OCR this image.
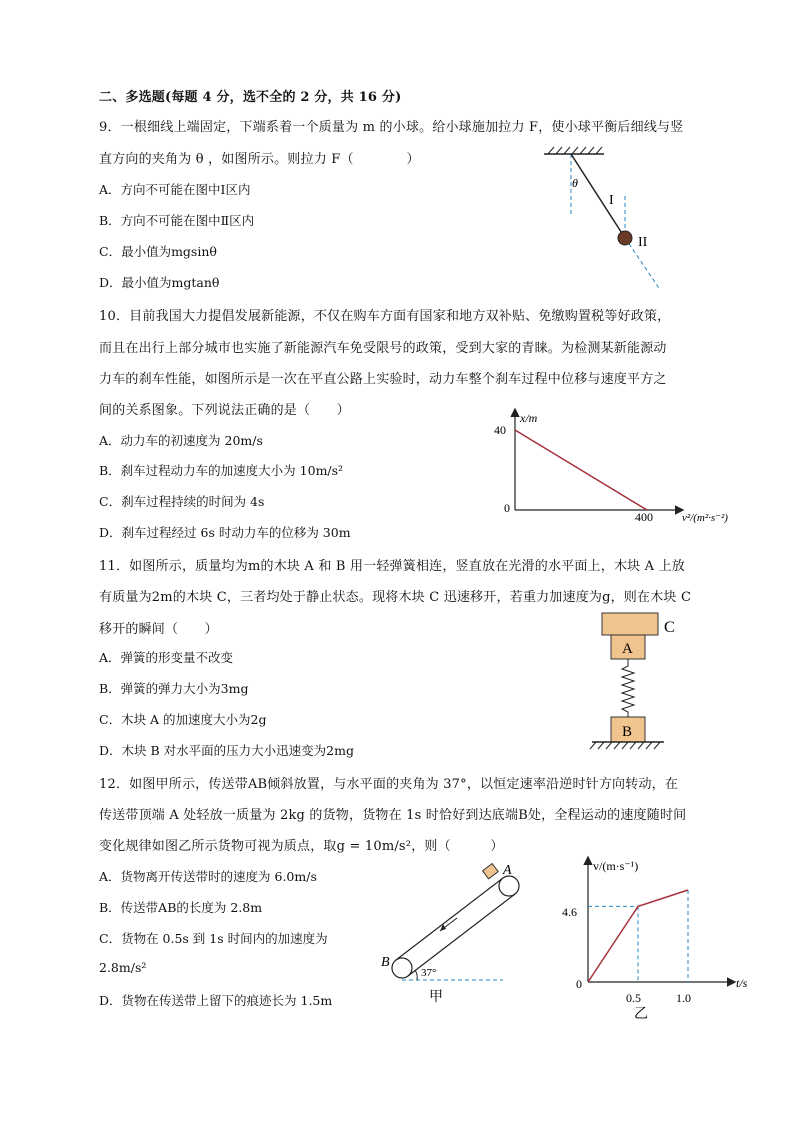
二、多选题(每题 4 分，选不全的 2 分，共 16 分)
9．一根细线上端固定，下端系着一个质量为 m 的小球。给小球施加拉力 F，使小球平衡后细线与竖
直方向的夹角为 θ ，如图所示。则拉力 F（　　　　）
A．方向不可能在图中Ⅰ区内
B．方向不可能在图中Ⅱ区内
C．最小值为mgsinθ
D．最小值为mgtanθ
θ
I
II
10．目前我国大力提倡发展新能源，不仅在购车方面有国家和地方双补贴、免缴购置税等好政策，
而且在出行上部分城市也实施了新能源汽车免受限号的政策，受到大家的青睐。为检测某新能源动
力车的刹车性能，如图所示是一次在平直公路上实验时，动力车整个刹车过程中位移与速度平方之
间的关系图象。下列说法正确的是（　　）
A．动力车的初速度为 20m/s
B．刹车过程动力车的加速度大小为 10m/s²
C．刹车过程持续的时间为 4s
D．刹车过程经过 6s 时动力车的位移为 30m
x/m
v²/(m²·s⁻²)
0
40
400
11．如图所示，质量均为m的木块 A 和 B 用一轻弹簧相连，竖直放在光滑的水平面上，木块 A 上放
有质量为2m的木块 C，三者均处于静止状态。现将木块 C 迅速移开，若重力加速度为g，则在木块 C
移开的瞬间（　　）
A．弹簧的形变量不改变
B．弹簧的弹力大小为3mg
C．木块 A 的加速度大小为2g
D．木块 B 对水平面的压力大小迅速变为2mg
C
A
B
12．如图甲所示，传送带AB倾斜放置，与水平面的夹角为 37°，以恒定速率沿逆时针方向转动，在
传送带顶端 A 处轻放一质量为 2kg 的货物，货物在 1s 时恰好到达底端B处，全程运动的速度随时间
变化规律如图乙所示货物可视为质点，取g = 10m/s²，则（　　　）
A．货物离开传送带时的速度为 6.0m/s
B．传送带AB的长度为 2.8m
C．货物在 0.5s 到 1s 时间内的加速度为
2.8m/s²
D．货物在传送带上留下的痕迹长为 1.5m
A
B
37°
甲
v/(m·s⁻¹)
t/s
0
4.6
0.5	1.0
乙
